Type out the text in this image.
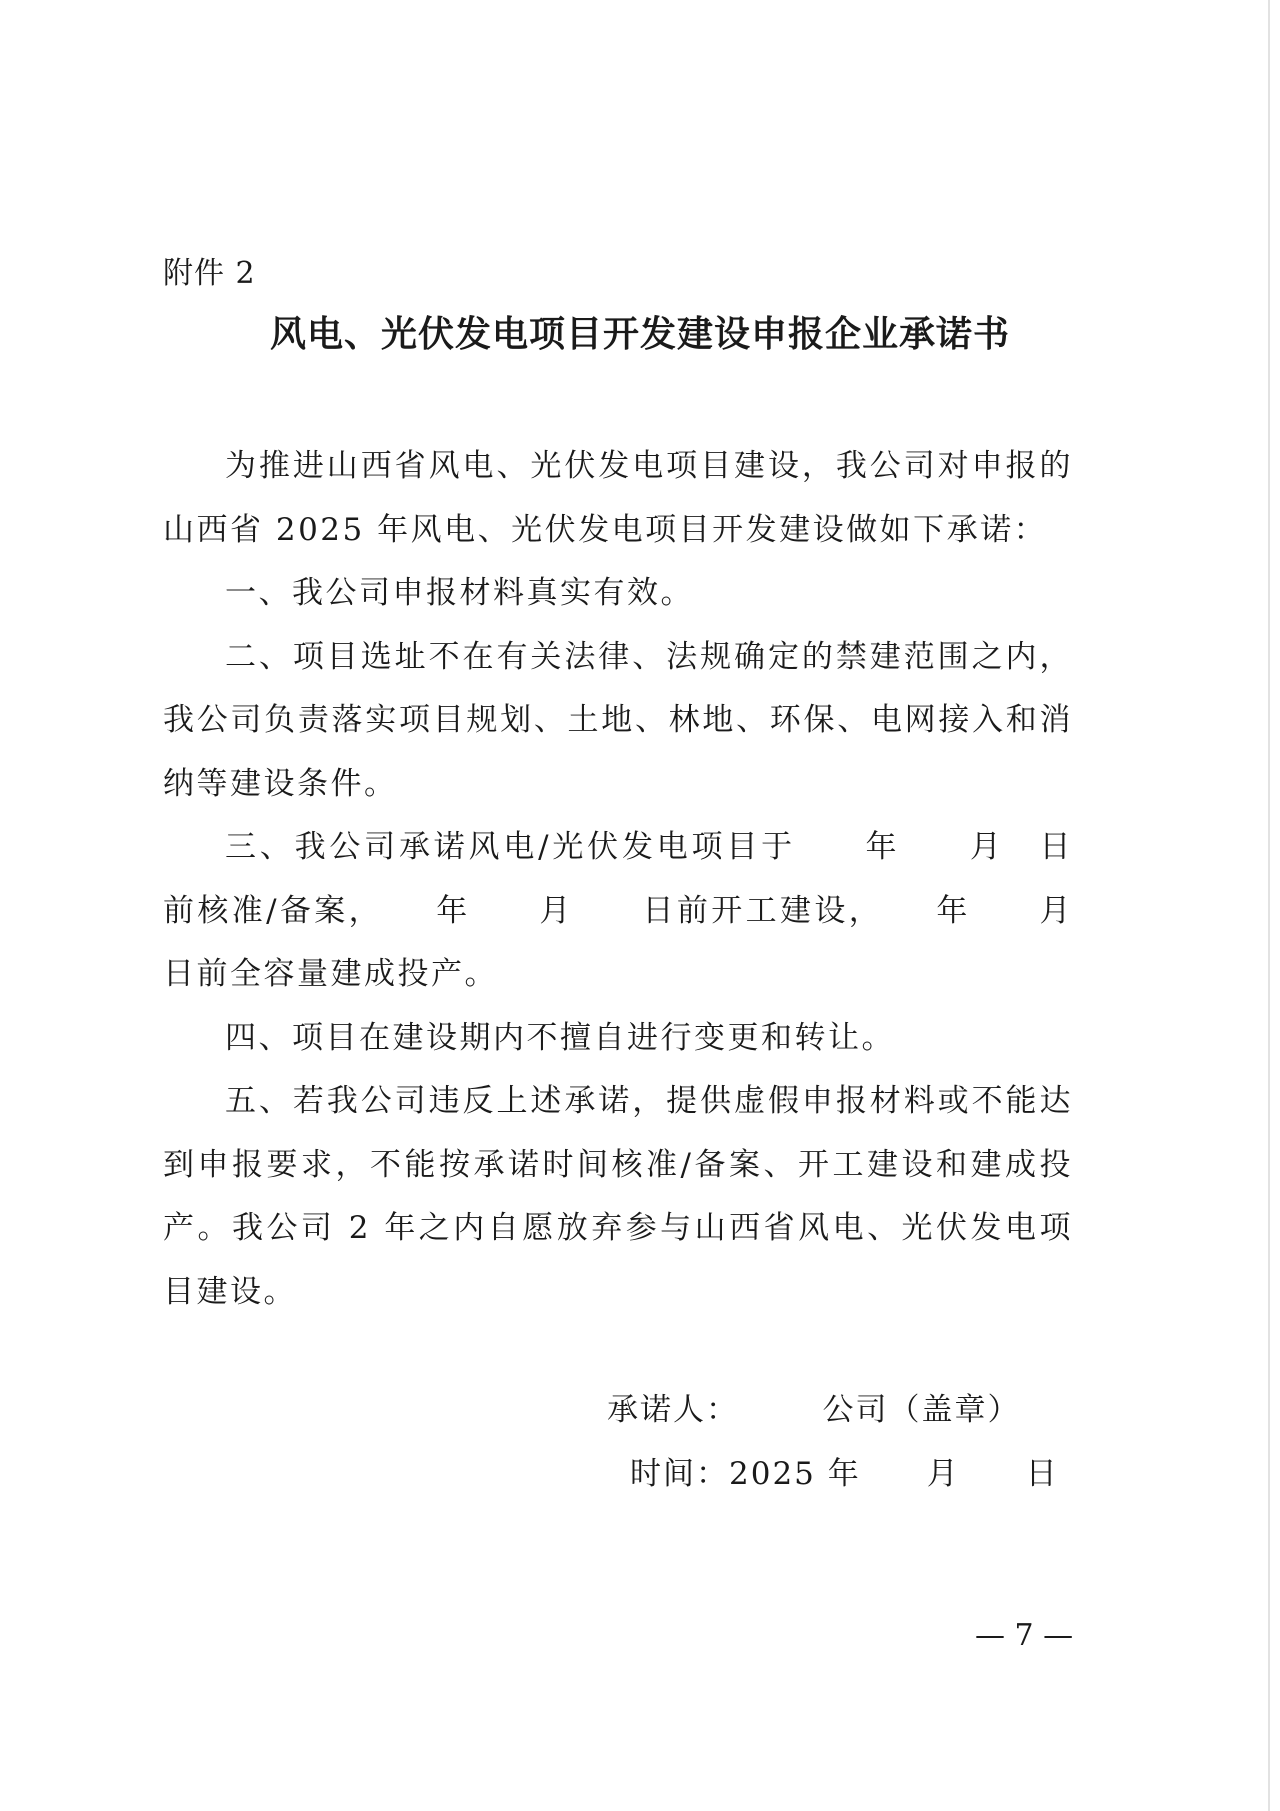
附件 2
风电、光伏发电项目开发建设申报企业承诺书

为推进山西省风电、光伏发电项目建设，我公司对申报的山西省 2025 年风电、光伏发电项目开发建设做如下承诺：

一、我公司申报材料真实有效。

二、项目选址不在有关法律、法规确定的禁建范围之内，我公司负责落实项目规划、土地、林地、环保、电网接入和消纳等建设条件。

三、我公司承诺风电/光伏发电项目于　　年　　月　日前核准/备案，　　年　　月　　日前开工建设，　　年　　月　　日前全容量建成投产。

四、项目在建设期内不擅自进行变更和转让。

五、若我公司违反上述承诺，提供虚假申报材料或不能达到申报要求，不能按承诺时间核准/备案、开工建设和建成投产。我公司 2 年之内自愿放弃参与山西省风电、光伏发电项目建设。

承诺人：　　　公司（盖章）
时间：2025 年　　月　　日
— 7 —
